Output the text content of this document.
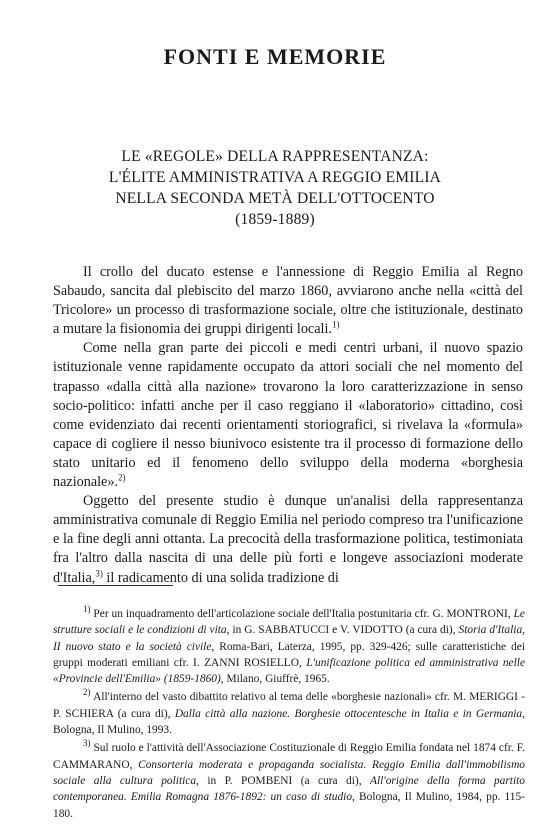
FONTI E MEMORIE
LE «REGOLE» DELLA RAPPRESENTANZA:
L'ÉLITE AMMINISTRATIVA A REGGIO EMILIA
NELLA SECONDA METÀ DELL'OTTOCENTO
(1859-1889)

Il crollo del ducato estense e l'annessione di Reggio Emilia al Regno Sabaudo, sancita dal plebiscito del marzo 1860, avviarono anche nella «città del Tricolore» un processo di trasformazione sociale, oltre che istituzionale, destinato a mutare la fisionomia dei gruppi dirigenti locali.$^{1)}$

Come nella gran parte dei piccoli e medi centri urbani, il nuovo spazio istituzionale venne rapidamente occupato da attori sociali che nel momento del trapasso «dalla città alla nazione» trovarono la loro caratterizzazione in senso socio-politico: infatti anche per il caso reggiano il «laboratorio» cittadino, così come evidenziato dai recenti orientamenti storiografici, si rivelava la «formula» capace di cogliere il nesso biunivoco esistente tra il processo di formazione dello stato unitario ed il fenomeno dello sviluppo della moderna «borghesia nazionale».$^{2)}$

Oggetto del presente studio è dunque un'analisi della rappresentanza amministrativa comunale di Reggio Emilia nel periodo compreso tra l'unificazione e la fine degli anni ottanta. La precocità della trasformazione politica, testimoniata fra l'altro dalla nascita di una delle più forti e longeve associazioni moderate d'Italia,$^{3)}$ il radicamento di una solida tradizione di

$^{1)}$ Per un inquadramento dell'articolazione sociale dell'Italia postunitaria cfr. G. MONTRONI, Le strutture sociali e le condizioni di vita, in G. SABBATUCCI e V. VIDOTTO (a cura di), Storia d'Italia, II nuovo stato e la società civile, Roma-Bari, Laterza, 1995, pp. 329-426; sulle caratteristiche dei gruppi moderati emiliani cfr. I. ZANNI ROSIELLO, L'unificazione politica ed amministrativa nelle «Provincie dell'Emilia» (1859-1860), Milano, Giuffrè, 1965.

$^{2)}$ All'interno del vasto dibattito relativo al tema delle «borghesie nazionali» cfr. M. MERIGGI - P. SCHIERA (a cura di), Dalla città alla nazione. Borghesie ottocentesche in Italia e in Germania, Bologna, Il Mulino, 1993.

$^{3)}$ Sul ruolo e l'attività dell'Associazione Costituzionale di Reggio Emilia fondata nel 1874 cfr. F. CAMMARANO, Consorteria moderata e propaganda socialista. Reggio Emilia dall'immobilismo sociale alla cultura politica, in P. POMBENI (a cura di), All'origine della forma partito contemporanea. Emilia Romagna 1876-1892: un caso di studio, Bologna, Il Mulino, 1984, pp. 115-180.
